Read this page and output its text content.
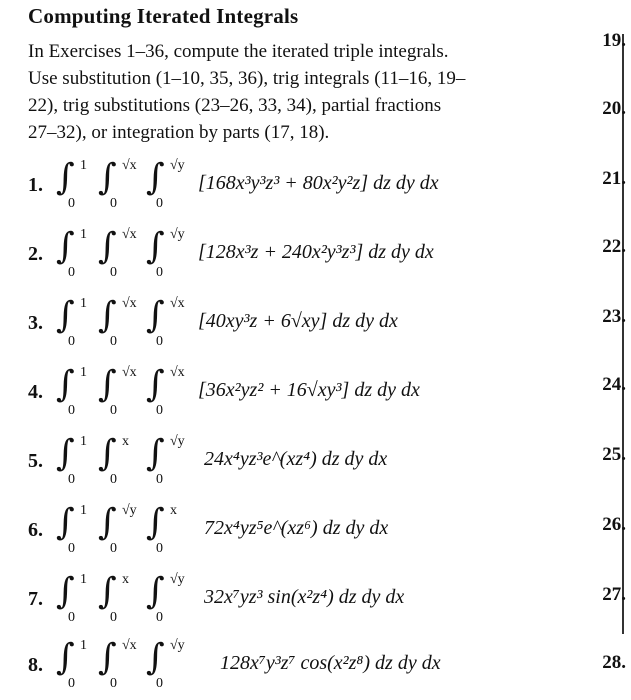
Computing Iterated Integrals
In Exercises 1–36, compute the iterated triple integrals.
Use substitution (1–10, 35, 36), trig integrals (11–16, 19–
22), trig substitutions (23–26, 33, 34), partial fractions
27–32), or integration by parts (17, 18).
19.
20.
21.
22.
23.
24.
25.
26.
27.
28.
1. ∫ 1
0
∫ √x
0
∫ √y
0
[168x³y³z³ + 80x²y²z] dz dy dx
2. ∫ 1
0
∫ √x
0
∫ √y
0
[128x³z + 240x²y³z³] dz dy dx
3. ∫ 1
0
∫ √x
0
∫ √x
0
[40xy³z + 6√xy] dz dy dx
4. ∫ 1
0
∫ √x
0
∫ √x
0
[36x²yz² + 16√xy³] dz dy dx
5. ∫ 1
0
∫ x
0
∫ √y
0
24x⁴yz³e^(xz⁴) dz dy dx
6. ∫ 1
0
∫ √y
0
∫ x
0
72x⁴yz⁵e^(xz⁶) dz dy dx
7. ∫ 1
0
∫ x
0
∫ √y
0
32x⁷yz³ sin(x²z⁴) dz dy dx
8. ∫ 1
0
∫ √x
0
∫ √y
0
128x⁷y³z⁷ cos(x²z⁸) dz dy dx
